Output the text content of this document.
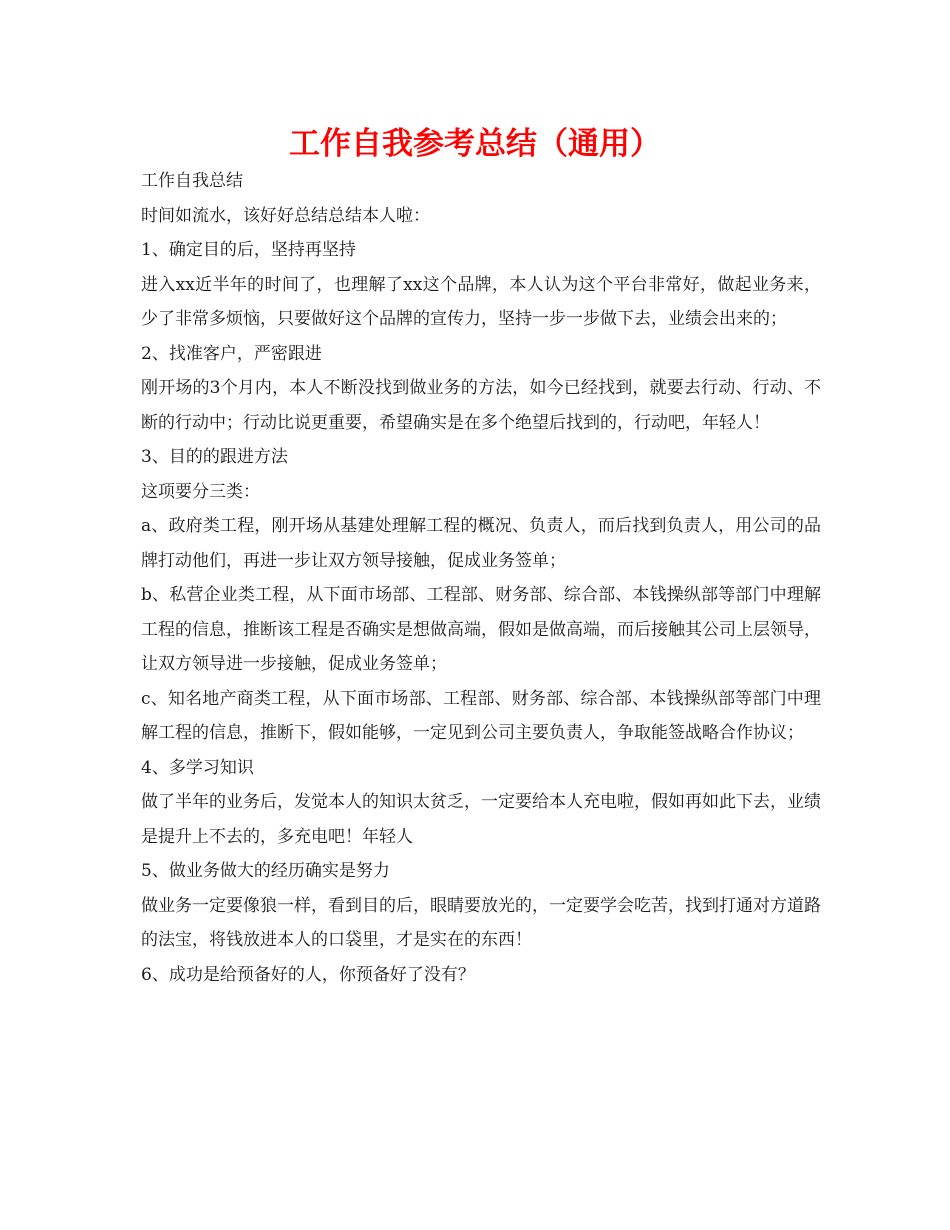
工作自我参考总结（通用）

工作自我总结

时间如流水，该好好总结总结本人啦：

1、确定目的后，坚持再坚持

进入xx近半年的时间了，也理解了xx这个品牌，本人认为这个平台非常好，做起业务来，少了非常多烦恼，只要做好这个品牌的宣传力，坚持一步一步做下去，业绩会出来的；

2、找准客户，严密跟进

刚开场的3个月内，本人不断没找到做业务的方法，如今已经找到，就要去行动、行动、不断的行动中；行动比说更重要，希望确实是在多个绝望后找到的，行动吧，年轻人！

3、目的的跟进方法

这项要分三类：

a、政府类工程，刚开场从基建处理解工程的概况、负责人，而后找到负责人，用公司的品牌打动他们，再进一步让双方领导接触，促成业务签单；

b、私营企业类工程，从下面市场部、工程部、财务部、综合部、本钱操纵部等部门中理解工程的信息，推断该工程是否确实是想做高端，假如是做高端，而后接触其公司上层领导，让双方领导进一步接触，促成业务签单；

c、知名地产商类工程，从下面市场部、工程部、财务部、综合部、本钱操纵部等部门中理解工程的信息，推断下，假如能够，一定见到公司主要负责人，争取能签战略合作协议；

4、多学习知识

做了半年的业务后，发觉本人的知识太贫乏，一定要给本人充电啦，假如再如此下去，业绩是提升上不去的，多充电吧！年轻人

5、做业务做大的经历确实是努力

做业务一定要像狼一样，看到目的后，眼睛要放光的，一定要学会吃苦，找到打通对方道路的法宝，将钱放进本人的口袋里，才是实在的东西！

6、成功是给预备好的人，你预备好了没有？
